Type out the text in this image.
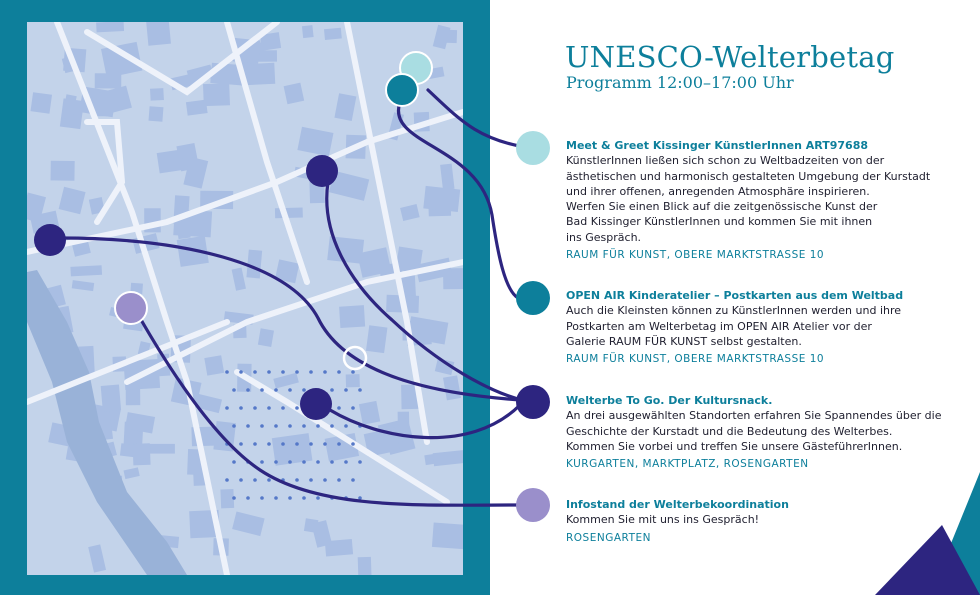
UNESCO-Welterbetag
Programm 12:00–17:00 Uhr
Meet & Greet Kissinger KünstlerInnen ART97688

KünstlerInnen ließen sich schon zu Weltbadzeiten von der
ästhetischen und harmonisch gestalteten Umgebung der Kurstadt
und ihrer offenen, anregenden Atmosphäre inspirieren.
Werfen Sie einen Blick auf die zeitgenössische Kunst der
Bad Kissinger KünstlerInnen und kommen Sie mit ihnen
ins Gespräch.

RAUM FÜR KUNST, OBERE MARKTSTRASSE 10
OPEN AIR Kinderatelier – Postkarten aus dem Weltbad

Auch die Kleinsten können zu KünstlerInnen werden und ihre
Postkarten am Welterbetag im OPEN AIR Atelier vor der
Galerie RAUM FÜR KUNST selbst gestalten.

RAUM FÜR KUNST, OBERE MARKTSTRASSE 10
Welterbe To Go. Der Kultursnack.

An drei ausgewählten Standorten erfahren Sie Spannendes über die
Geschichte der Kurstadt und die Bedeutung des Welterbes.
Kommen Sie vorbei und treffen Sie unsere GästeführerInnen.

KURGARTEN, MARKTPLATZ, ROSENGARTEN
Infostand der Welterbekoordination

Kommen Sie mit uns ins Gespräch!

ROSENGARTEN
